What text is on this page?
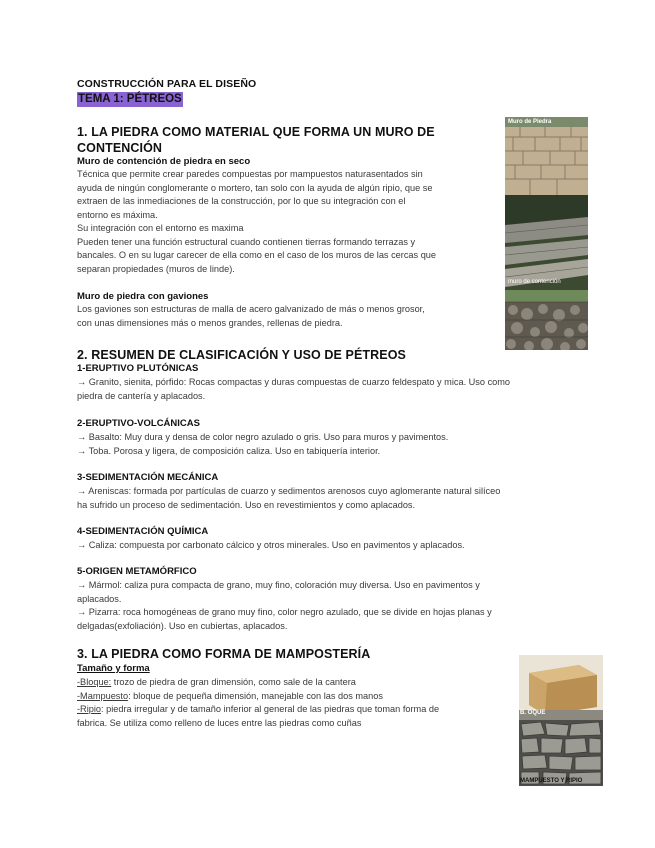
CONSTRUCCIÓN PARA EL DISEÑO
TEMA 1: PÉTREOS
1. LA PIEDRA COMO MATERIAL QUE FORMA UN MURO DE CONTENCIÓN
Muro de contención de piedra en seco
Técnica que permite crear paredes compuestas por mampuestos naturasentados sin
ayuda de ningún conglomerante o mortero, tan solo con la ayuda de algún ripio, que se
extraen de las inmediaciones de la construcción, por lo que su integración con el
entorno es máxima.
Su integración con el entorno es maxima
Pueden tener una función estructural cuando contienen tierras formando terrazas y
bancales. O en su lugar carecer de ella como en el caso de los muros de las cercas que
separan propiedades (muros de linde).
Muro de piedra con gaviones
Los gaviones son estructuras de malla de acero galvanizado de más o menos grosor,
con unas dimensiones más o menos grandes, rellenas de piedra.
Muro de Piedra
muro de contención
2. RESUMEN DE CLASIFICACIÓN Y USO DE PÉTREOS
1-ERUPTIVO PLUTÓNICAS
→ Granito, sienita, pórfido: Rocas compactas y duras compuestas de cuarzo feldespato y mica. Uso como
piedra de cantería y aplacados.
2-ERUPTIVO-VOLCÁNICAS
→ Basalto: Muy dura y densa de color negro azulado o gris. Uso para muros y pavimentos.
→ Toba. Porosa y ligera, de composición caliza. Uso en tabiquería interior.
3-SEDIMENTACIÓN MECÁNICA
→ Areniscas: formada por partículas de cuarzo y sedimentos arenosos cuyo aglomerante natural silíceo
ha sufrido un proceso de sedimentación. Uso en revestimientos y como aplacados.
4-SEDIMENTACIÓN QUÍMICA
→ Caliza: compuesta por carbonato cálcico y otros minerales. Uso en pavimentos y aplacados.
5-ORIGEN METAMÓRFICO
→ Mármol: caliza pura compacta de grano, muy fino, coloración muy diversa. Uso en pavimentos y
aplacados.
→ Pizarra: roca homogéneas de grano muy fino, color negro azulado, que se divide en hojas planas y
delgadas(exfoliación). Uso en cubiertas, aplacados.
3. LA PIEDRA COMO FORMA DE MAMPOSTERÍA
Tamaño y forma
-Bloque: trozo de piedra de gran dimensión, como sale de la cantera
-Mampuesto: bloque de pequeña dimensión, manejable con las dos manos
-Ripio: piedra irregular y de tamaño inferior al general de las piedras que toman forma de
fabrica. Se utiliza como relleno de luces entre las piedras como cuñas
B. OQUE
MAMPUESTO Y RIPIO
